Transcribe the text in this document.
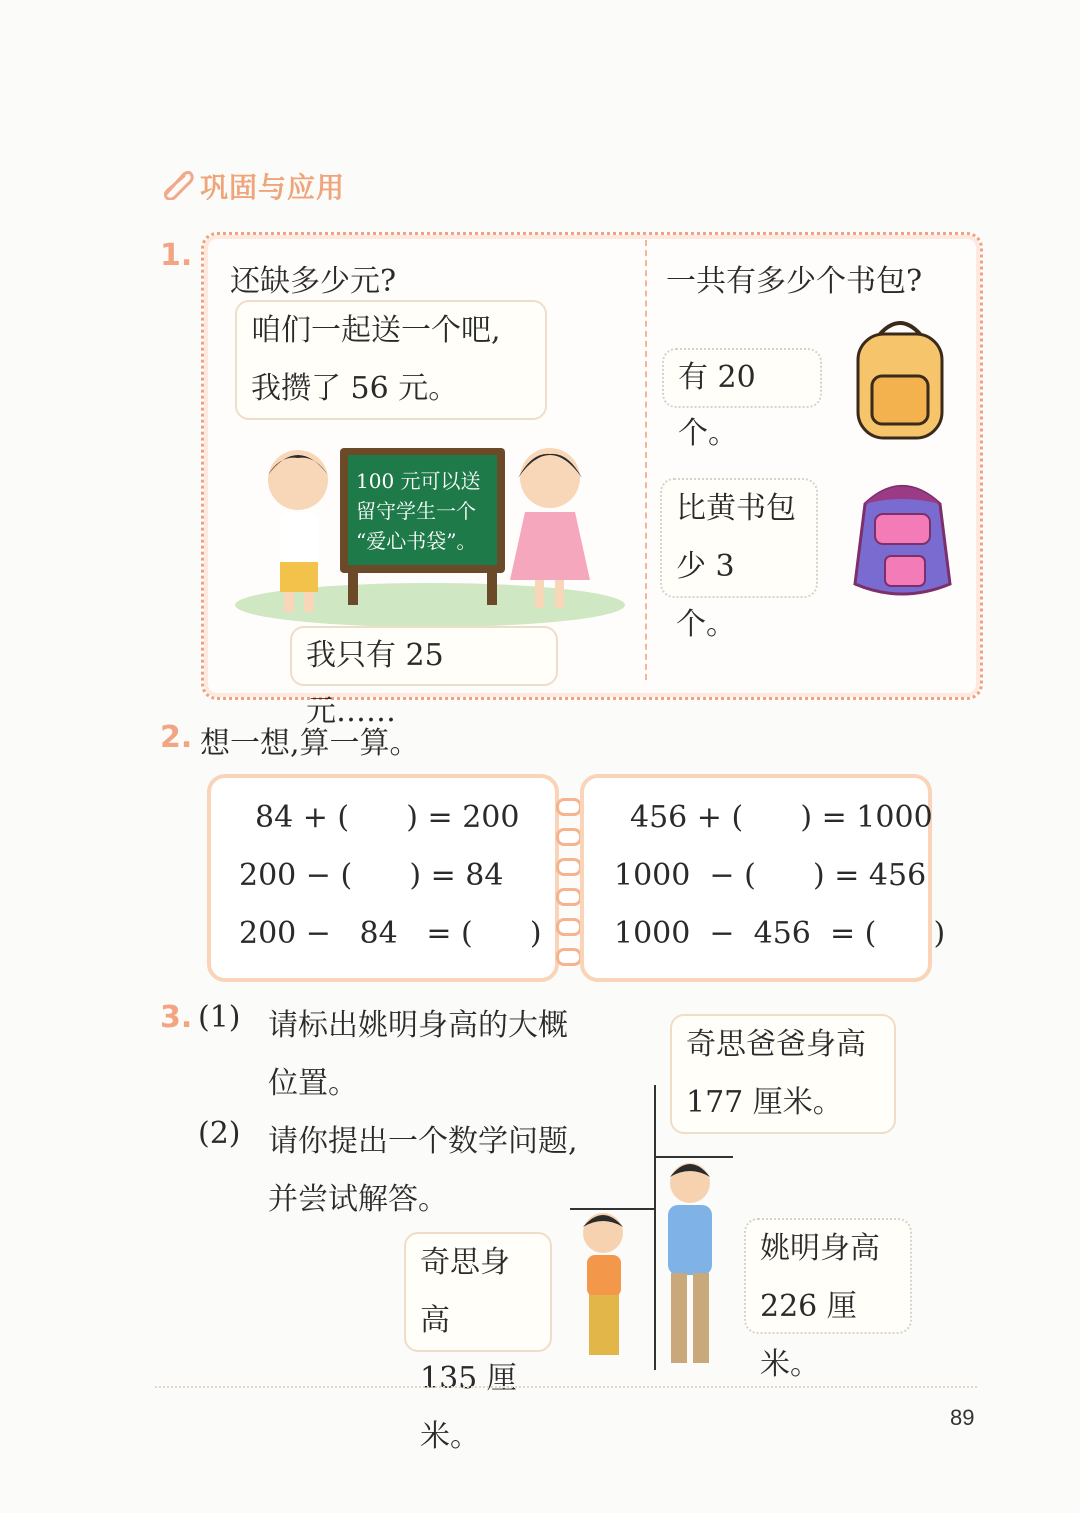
巩固与应用
1.
还缺多少元?
咱们一起送一个吧,
我攒了 56 元。
100 元可以送
留守学生一个
“爱心书袋”。
我只有 25 元……
一共有多少个书包?
有 20 个。
比黄书包
少 3 个。
2. 想一想,算一算。
84 + (      ) = 200
200 − (      ) = 84
200 −   84   = (      )
456 + (      ) = 1000
1000  − (      ) = 456
1000  −  456  = (      )
3. (1) 请标出姚明身高的大概
位置。
(2) 请你提出一个数学问题,
并尝试解答。
奇思爸爸身高
177 厘米。
奇思身高
135 厘米。
姚明身高
226 厘米。
89
